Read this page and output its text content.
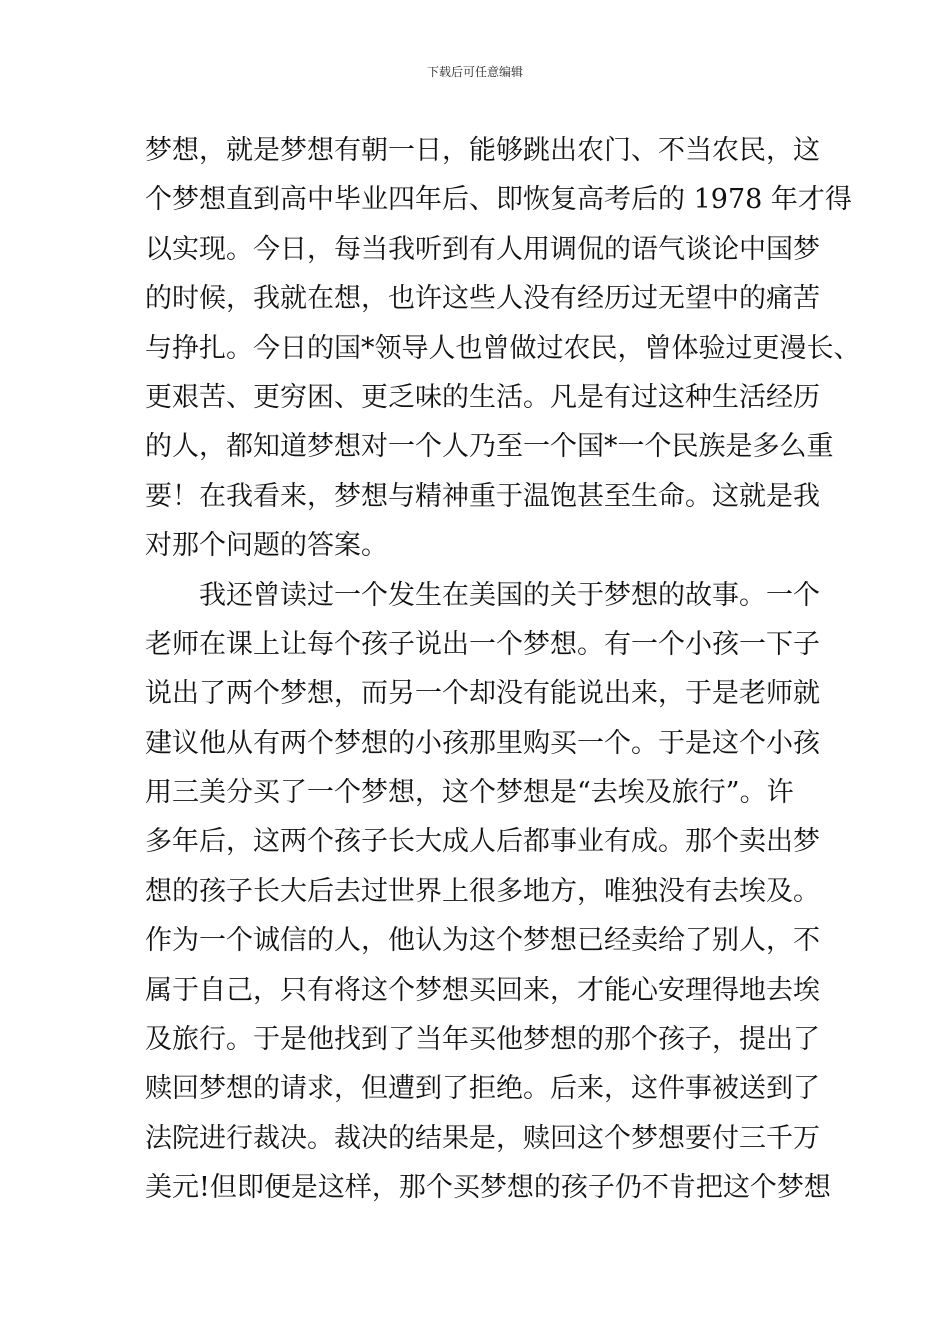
下载后可任意编辑
梦想，就是梦想有朝一日，能够跳出农门、不当农民，这
个梦想直到高中毕业四年后、即恢复高考后的 1978 年才得
以实现。今日，每当我听到有人用调侃的语气谈论中国梦
的时候，我就在想，也许这些人没有经历过无望中的痛苦
与挣扎。今日的国*领导人也曾做过农民，曾体验过更漫长、
更艰苦、更穷困、更乏味的生活。凡是有过这种生活经历
的人，都知道梦想对一个人乃至一个国*一个民族是多么重
要！在我看来，梦想与精神重于温饱甚至生命。这就是我
对那个问题的答案。
　　我还曾读过一个发生在美国的关于梦想的故事。一个
老师在课上让每个孩子说出一个梦想。有一个小孩一下子
说出了两个梦想，而另一个却没有能说出来，于是老师就
建议他从有两个梦想的小孩那里购买一个。于是这个小孩
用三美分买了一个梦想，这个梦想是“去埃及旅行”。许
多年后，这两个孩子长大成人后都事业有成。那个卖出梦
想的孩子长大后去过世界上很多地方，唯独没有去埃及。
作为一个诚信的人，他认为这个梦想已经卖给了别人，不
属于自己，只有将这个梦想买回来，才能心安理得地去埃
及旅行。于是他找到了当年买他梦想的那个孩子，提出了
赎回梦想的请求，但遭到了拒绝。后来，这件事被送到了
法院进行裁决。裁决的结果是，赎回这个梦想要付三千万
美元!但即便是这样，那个买梦想的孩子仍不肯把这个梦想
